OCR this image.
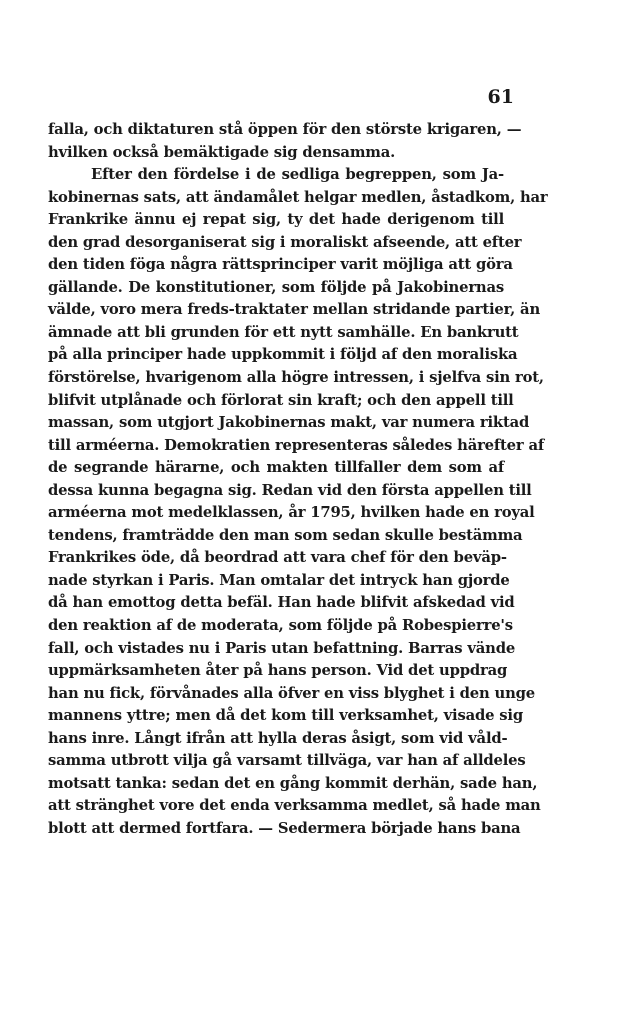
61
falla, och diktaturen stå öppen för den störste krigaren, —
hvilken också bemäktigade sig densamma.
Efter den fördelse i de sedliga begreppen, som Ja-
kobinernas sats, att ändamålet helgar medlen, åstadkom, har
Frankrike ännu ej repat sig, ty det hade derigenom till
den grad desorganiserat sig i moraliskt afseende, att efter
den tiden föga några rättsprinciper varit möjliga att göra
gällande. De konstitutioner, som följde på Jakobinernas
välde, voro mera freds-traktater mellan stridande partier, än
ämnade att bli grunden för ett nytt samhälle. En bankrutt
på alla principer hade uppkommit i följd af den moraliska
förstörelse, hvarigenom alla högre intressen, i sjelfva sin rot,
blifvit utplånade och förlorat sin kraft; och den appell till
massan, som utgjort Jakobinernas makt, var numera riktad
till arméerna. Demokratien representeras således härefter af
de segrande härarne, och makten tillfaller dem som af
dessa kunna begagna sig. Redan vid den första appellen till
arméerna mot medelklassen, år 1795, hvilken hade en royal
tendens, framträdde den man som sedan skulle bestämma
Frankrikes öde, då beordrad att vara chef för den beväp-
nade styrkan i Paris. Man omtalar det intryck han gjorde
då han emottog detta befäl. Han hade blifvit afskedad vid
den reaktion af de moderata, som följde på Robespierre's
fall, och vistades nu i Paris utan befattning. Barras vände
uppmärksamheten åter på hans person. Vid det uppdrag
han nu fick, förvånades alla öfver en viss blyghet i den unge
mannens yttre; men då det kom till verksamhet, visade sig
hans inre. Långt ifrån att hylla deras åsigt, som vid våld-
samma utbrott vilja gå varsamt tillväga, var han af alldeles
motsatt tanka: sedan det en gång kommit derhän, sade han,
att stränghet vore det enda verksamma medlet, så hade man
blott att dermed fortfara. — Sedermera började hans bana
